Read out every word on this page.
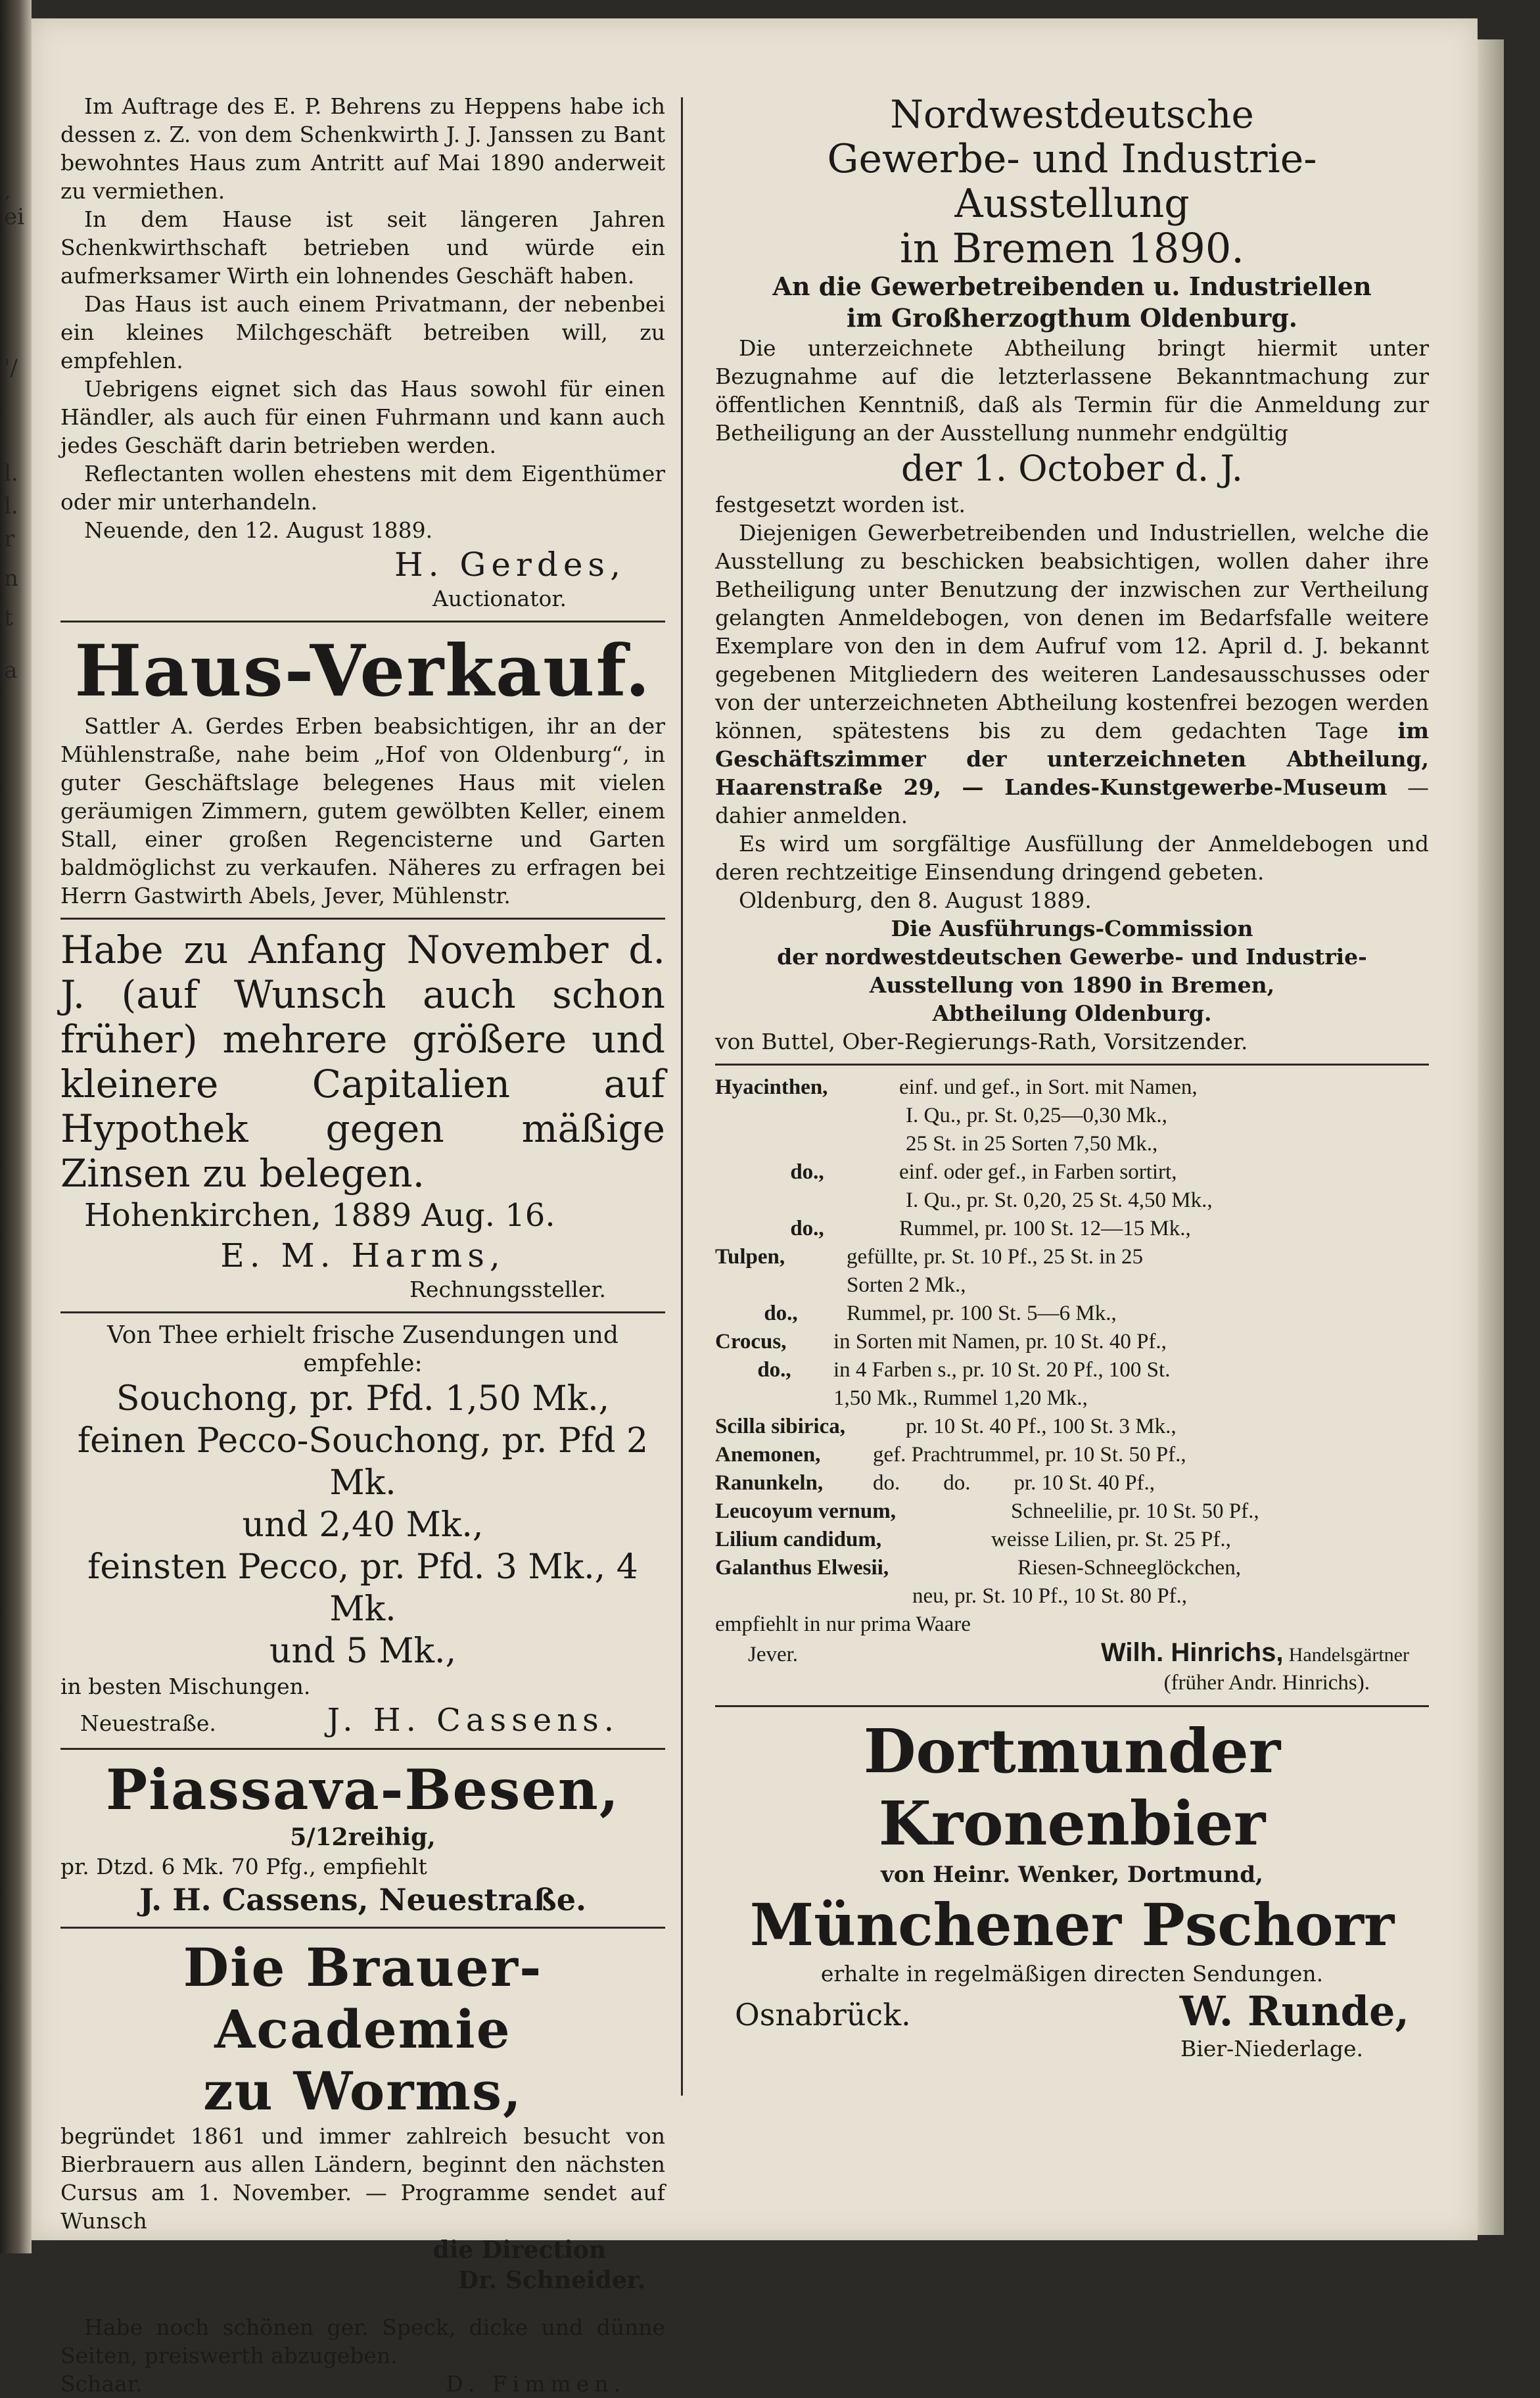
,
ei
'/
l.
l.
r
n
t
a

Im Auftrage des E. P. Behrens zu Heppens habe ich dessen z. Z. von dem Schenkwirth J. J. Janssen zu Bant bewohntes Haus zum Antritt auf Mai 1890 anderweit zu vermiethen.

In dem Hause ist seit längeren Jahren Schenkwirthschaft betrieben und würde ein aufmerksamer Wirth ein lohnendes Geschäft haben.

Das Haus ist auch einem Privatmann, der nebenbei ein kleines Milchgeschäft betreiben will, zu empfehlen.

Uebrigens eignet sich das Haus sowohl für einen Händler, als auch für einen Fuhrmann und kann auch jedes Geschäft darin betrieben werden.

Reflectanten wollen ehestens mit dem Eigenthümer oder mir unterhandeln.

Neuende, den 12. August 1889.

H. Gerdes,

Auctionator.

Haus-Verkauf.

Sattler A. Gerdes Erben beabsichtigen, ihr an der Mühlenstraße, nahe beim „Hof von Oldenburg“, in guter Geschäftslage belegenes Haus mit vielen geräumigen Zimmern, gutem gewölbten Keller, einem Stall, einer großen Regencisterne und Garten baldmöglichst zu verkaufen. Näheres zu erfragen bei Herrn Gastwirth Abels, Jever, Mühlenstr.

Habe zu Anfang November d. J. (auf Wunsch auch schon früher) mehrere größere und kleinere Capitalien auf Hypothek gegen mäßige Zinsen zu belegen.

Hohenkirchen, 1889 Aug. 16.

E. M. Harms,

Rechnungssteller.

Von Thee erhielt frische Zusendungen und empfehle:

Souchong, pr. Pfd. 1,50 Mk.,

feinen Pecco-Souchong, pr. Pfd 2 Mk.

und 2,40 Mk.,

feinsten Pecco, pr. Pfd. 3 Mk., 4 Mk.

und 5 Mk.,

in besten Mischungen.

Neuestraße.	J. H. Cassens.

Piassava-Besen,

5/12reihig,

pr. Dtzd. 6 Mk. 70 Pfg., empfiehlt

J. H. Cassens, Neuestraße.

Die Brauer-Academie

zu Worms,

begründet 1861 und immer zahlreich besucht von Bierbrauern aus allen Ländern, beginnt den nächsten Cursus am 1. November. — Programme sendet auf Wunsch

die Direction

Dr. Schneider.

Habe noch schönen ger. Speck, dicke und dünne Seiten, preiswerth abzugeben.

Schaar.	D. Fimmen.

Nordwestdeutsche

Gewerbe- und Industrie-Ausstellung

in Bremen 1890.

An die Gewerbetreibenden u. Industriellen

im Großherzogthum Oldenburg.

Die unterzeichnete Abtheilung bringt hiermit unter Bezugnahme auf die letzterlassene Bekanntmachung zur öffentlichen Kenntniß, daß als Termin für die Anmeldung zur Betheiligung an der Ausstellung nunmehr endgültig

der 1. October d. J.

festgesetzt worden ist.

Diejenigen Gewerbetreibenden und Industriellen, welche die Ausstellung zu beschicken beabsichtigen, wollen daher ihre Betheiligung unter Benutzung der inzwischen zur Vertheilung gelangten Anmeldebogen, von denen im Bedarfsfalle weitere Exemplare von den in dem Aufruf vom 12. April d. J. bekannt gegebenen Mitgliedern des weiteren Landesausschusses oder von der unterzeichneten Abtheilung kostenfrei bezogen werden können, spätestens bis zu dem gedachten Tage im Geschäftszimmer der unterzeichneten Abtheilung, Haarenstraße 29, — Landes-Kunstgewerbe-Museum — dahier anmelden.

Es wird um sorgfältige Ausfüllung der Anmeldebogen und deren rechtzeitige Einsendung dringend gebeten.

Oldenburg, den 8. August 1889.

Die Ausführungs-Commission

der nordwestdeutschen Gewerbe- und Industrie-

Ausstellung von 1890 in Bremen,

Abtheilung Oldenburg.

von Buttel, Ober-Regierungs-Rath, Vorsitzender.

Hyacinthen,	einf. und gef., in Sort. mit Namen,

I. Qu., pr. St. 0,25—0,30 Mk.,

25 St. in 25 Sorten 7,50 Mk.,

do.,	einf. oder gef., in Farben sortirt,

I. Qu., pr. St. 0,20, 25 St. 4,50 Mk.,

do.,	Rummel, pr. 100 St. 12—15 Mk.,
Tulpen,	gefüllte, pr. St. 10 Pf., 25 St. in 25

Sorten 2 Mk.,

do.,	Rummel, pr. 100 St. 5—6 Mk.,
Crocus,	in Sorten mit Namen, pr. 10 St. 40 Pf.,
do.,	in 4 Farben s., pr. 10 St. 20 Pf., 100 St.

1,50 Mk., Rummel 1,20 Mk.,

Scilla sibirica,	pr. 10 St. 40 Pf., 100 St. 3 Mk.,
Anemonen,	gef. Prachtrummel, pr. 10 St. 50 Pf.,
Ranunkeln,	do.        do.        pr. 10 St. 40 Pf.,
Leucoyum vernum,	Schneelilie, pr. 10 St. 50 Pf.,
Lilium candidum,	weisse Lilien, pr. St. 25 Pf.,
Galanthus Elwesii,	Riesen-Schneeglöckchen,

neu, pr. St. 10 Pf., 10 St. 80 Pf.,

empfiehlt in nur prima Waare

Jever.	Wilh. Hinrichs, Handelsgärtner

(früher Andr. Hinrichs).

Dortmunder Kronenbier

von Heinr. Wenker, Dortmund,

Münchener Pschorr

erhalte in regelmäßigen directen Sendungen.

Osnabrück.	W. Runde,

Bier-Niederlage.
